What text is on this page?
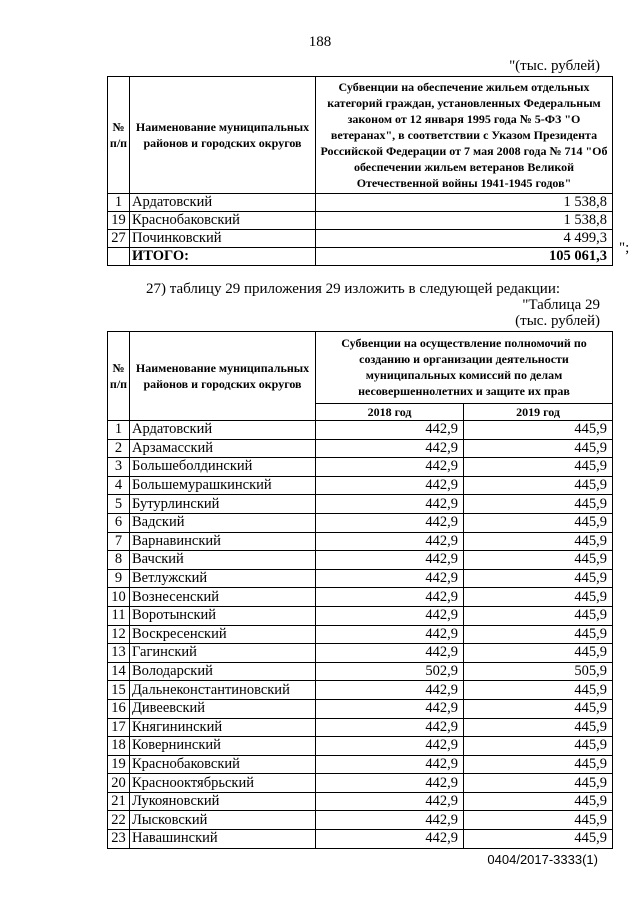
188
"(тыс. рублей)
№ п/п	Наименование муниципальных районов и городских округов	Субвенции на обеспечение жильем отдельных категорий граждан, установленных Федеральным законом от 12 января 1995 года № 5-ФЗ "О ветеранах", в соответствии с Указом Президента Российской Федерации от 7 мая 2008 года № 714 "Об обеспечении жильем ветеранов Великой Отечественной войны 1941-1945 годов"
1	Ардатовский	1 538,8
19	Краснобаковский	1 538,8
27	Починковский	4 499,3
	ИТОГО:	105 061,3 ";
27) таблицу 29 приложения 29 изложить в следующей редакции:
"Таблица 29
(тыс. рублей)
№ п/п	Наименование муниципальных районов и городских округов	Субвенции на осуществление полномочий по созданию и организации деятельности муниципальных комиссий по делам несовершеннолетних и защите их прав	
		2018 год	2019 год
1	Ардатовский	442,9	445,9
2	Арзамасский	442,9	445,9
3	Большеболдинский	442,9	445,9
4	Большемурашкинский	442,9	445,9
5	Бутурлинский	442,9	445,9
6	Вадский	442,9	445,9
7	Варнавинский	442,9	445,9
8	Вачский	442,9	445,9
9	Ветлужский	442,9	445,9
10	Вознесенский	442,9	445,9
11	Воротынский	442,9	445,9
12	Воскресенский	442,9	445,9
13	Гагинский	442,9	445,9
14	Володарский	502,9	505,9
15	Дальнеконстантиновский	442,9	445,9
16	Дивеевский	442,9	445,9
17	Княгининский	442,9	445,9
18	Ковернинский	442,9	445,9
19	Краснобаковский	442,9	445,9
20	Краснооктябрьский	442,9	445,9
21	Лукояновский	442,9	445,9
22	Лысковский	442,9	445,9
23	Навашинский	442,9	445,9
0404/2017-3333(1)
